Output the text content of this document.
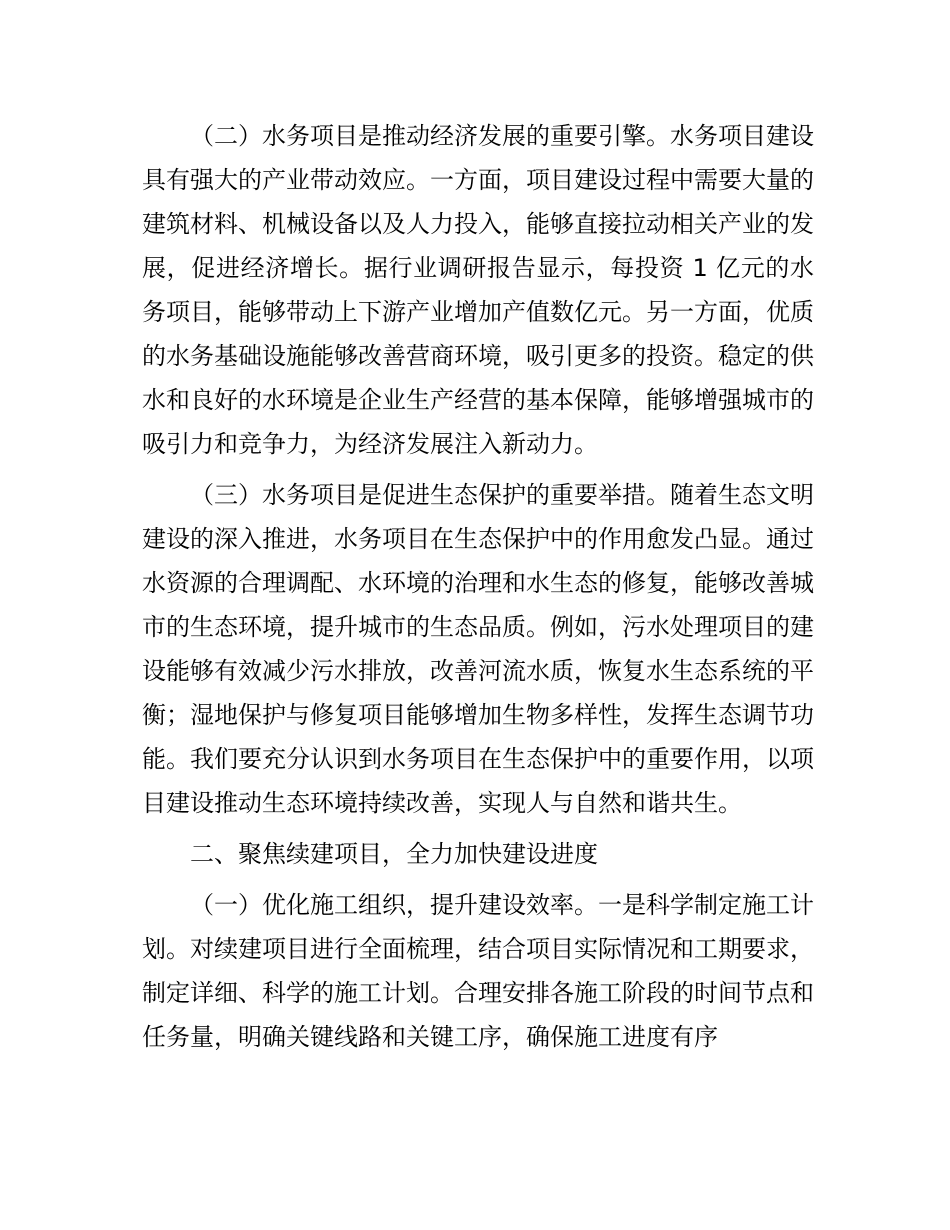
（二）水务项目是推动经济发展的重要引擎。水务项目建设具有强大的产业带动效应。一方面，项目建设过程中需要大量的建筑材料、机械设备以及人力投入，能够直接拉动相关产业的发展，促进经济增长。据行业调研报告显示，每投资 1 亿元的水务项目，能够带动上下游产业增加产值数亿元。另一方面，优质的水务基础设施能够改善营商环境，吸引更多的投资。稳定的供水和良好的水环境是企业生产经营的基本保障，能够增强城市的吸引力和竞争力，为经济发展注入新动力。

（三）水务项目是促进生态保护的重要举措。随着生态文明建设的深入推进，水务项目在生态保护中的作用愈发凸显。通过水资源的合理调配、水环境的治理和水生态的修复，能够改善城市的生态环境，提升城市的生态品质。例如，污水处理项目的建设能够有效减少污水排放，改善河流水质，恢复水生态系统的平衡；湿地保护与修复项目能够增加生物多样性，发挥生态调节功能。我们要充分认识到水务项目在生态保护中的重要作用，以项目建设推动生态环境持续改善，实现人与自然和谐共生。

二、聚焦续建项目，全力加快建设进度

（一）优化施工组织，提升建设效率。一是科学制定施工计划。对续建项目进行全面梳理，结合项目实际情况和工期要求，制定详细、科学的施工计划。合理安排各施工阶段的时间节点和任务量，明确关键线路和关键工序，确保施工进度有序
